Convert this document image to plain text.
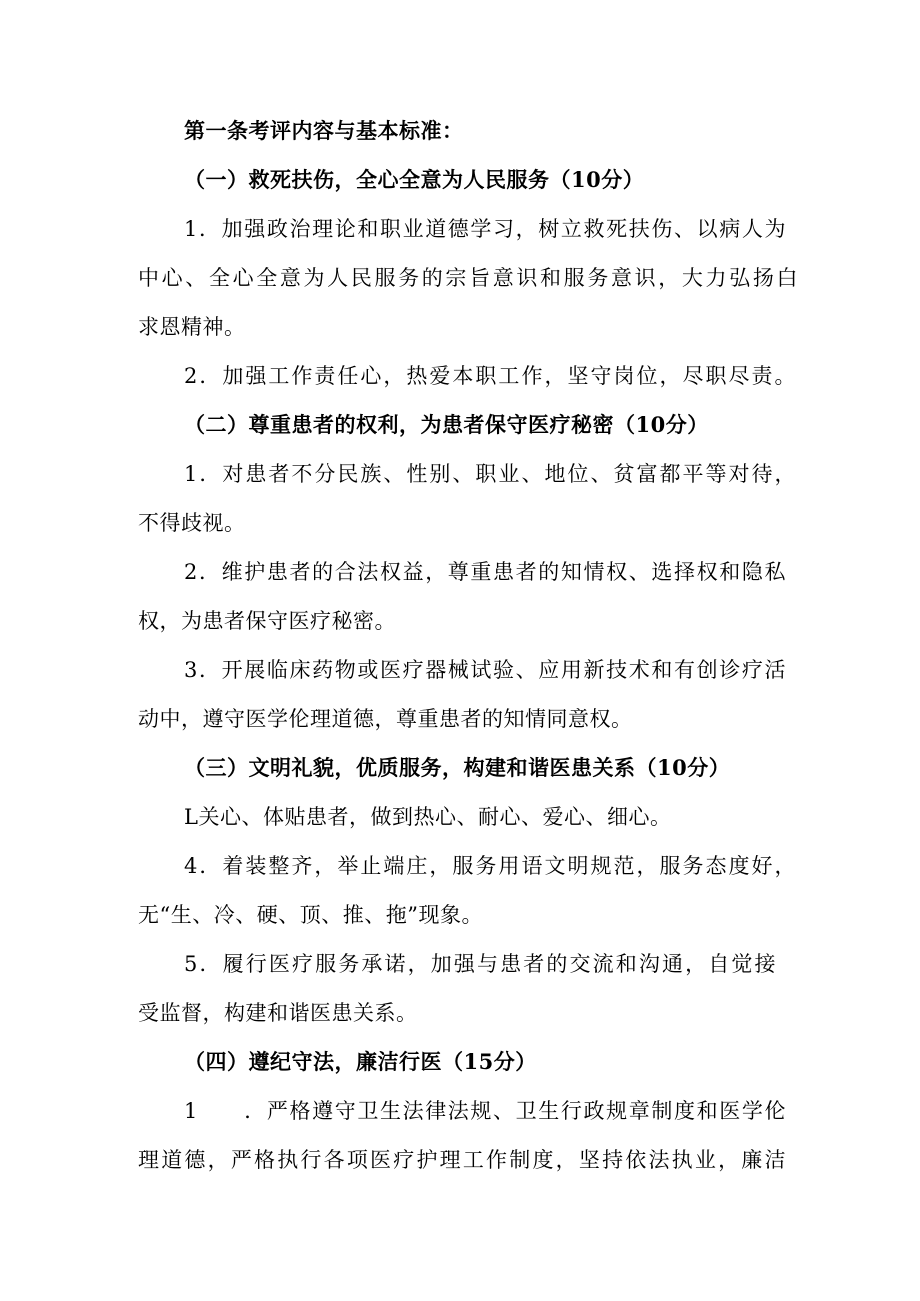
第一条考评内容与基本标准：
（一）救死扶伤，全心全意为人民服务（10分）
1．加强政治理论和职业道德学习，树立救死扶伤、以病人为
中心、全心全意为人民服务的宗旨意识和服务意识，大力弘扬白
求恩精神。
2．加强工作责任心，热爱本职工作，坚守岗位，尽职尽责。
（二）尊重患者的权利，为患者保守医疗秘密（10分）
1．对患者不分民族、性别、职业、地位、贫富都平等对待，
不得歧视。
2．维护患者的合法权益，尊重患者的知情权、选择权和隐私
权，为患者保守医疗秘密。
3．开展临床药物或医疗器械试验、应用新技术和有创诊疗活
动中，遵守医学伦理道德，尊重患者的知情同意权。
（三）文明礼貌，优质服务，构建和谐医患关系（10分）
L关心、体贴患者，做到热心、耐心、爱心、细心。
4．着装整齐，举止端庄，服务用语文明规范，服务态度好，
无“生、冷、硬、顶、推、拖”现象。
5．履行医疗服务承诺，加强与患者的交流和沟通，自觉接
受监督，构建和谐医患关系。
（四）遵纪守法，廉洁行医（15分）
1　　．严格遵守卫生法律法规、卫生行政规章制度和医学伦
理道德，严格执行各项医疗护理工作制度，坚持依法执业，廉洁
